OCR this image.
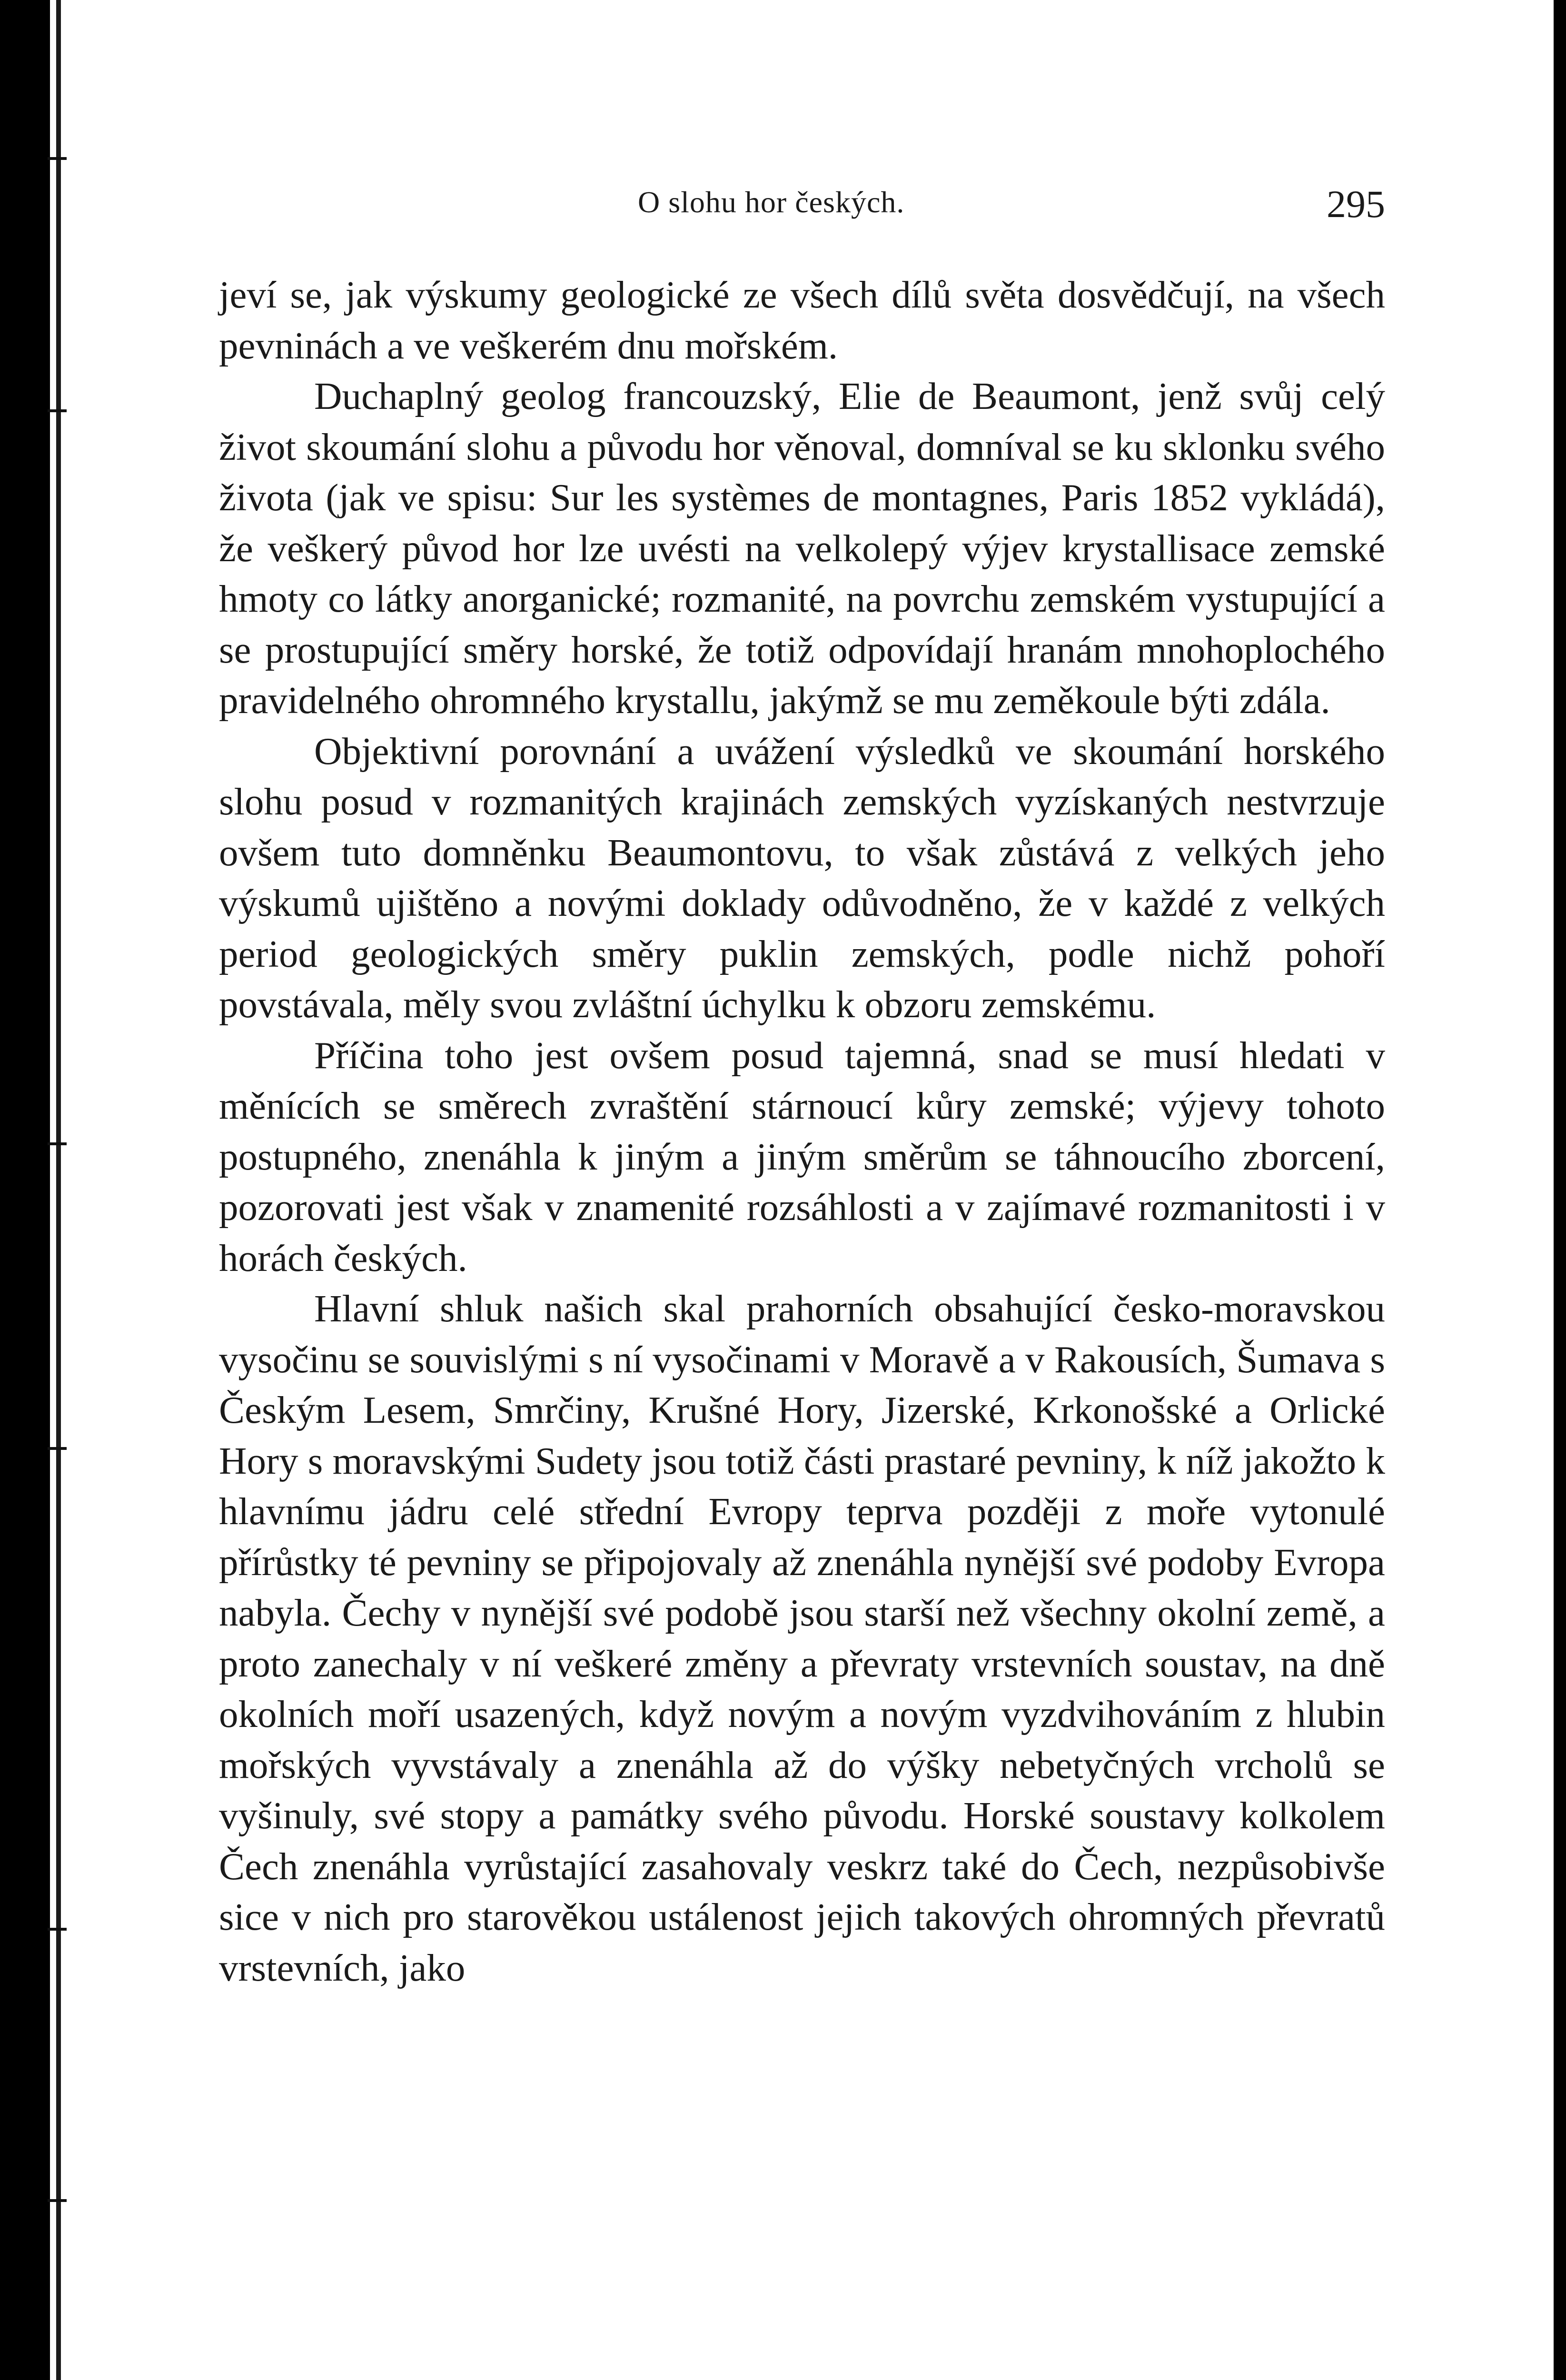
O slohu hor českých.	295

jeví se, jak výskumy geologické ze všech dílů světa dosvědčují, na všech pevninách a ve veškerém dnu mořském.

Duchaplný geolog francouzský, Elie de Beaumont, jenž svůj celý život skoumání slohu a původu hor věnoval, domníval se ku sklonku svého života (jak ve spisu: Sur les systèmes de montagnes, Paris 1852 vykládá), že veškerý původ hor lze uvésti na velkolepý výjev krystallisace zemské hmoty co látky anorganické; rozmanité, na povrchu zemském vystupující a se prostupující směry horské, že totiž odpovídají hranám mnohoplochého pravidelného ohromného krystallu, jakýmž se mu zeměkoule býti zdála.

Objektivní porovnání a uvážení výsledků ve skoumání horského slohu posud v rozmanitých krajinách zemských vyzískaných nestvrzuje ovšem tuto domněnku Beaumontovu, to však zůstává z velkých jeho výskumů ujištěno a novými doklady odůvodněno, že v každé z velkých period geologických směry puklin zemských, podle nichž pohoří povstávala, měly svou zvláštní úchylku k obzoru zemskému.

Příčina toho jest ovšem posud tajemná, snad se musí hledati v měnících se směrech zvraštění stárnoucí kůry zemské; výjevy tohoto postupného, znenáhla k jiným a jiným směrům se táhnoucího zborcení, pozorovati jest však v znamenité rozsáhlosti a v zajímavé rozmanitosti i v horách českých.

Hlavní shluk našich skal prahorních obsahující česko-moravskou vysočinu se souvislými s ní vysočinami v Moravě a v Rakousích, Šumava s Českým Lesem, Smrčiny, Krušné Hory, Jizerské, Krkonošské a Orlické Hory s moravskými Sudety jsou totiž části prastaré pevniny, k níž jakožto k hlavnímu jádru celé střední Evropy teprva později z moře vytonulé přírůstky té pevniny se připojovaly až znenáhla nynější své podoby Evropa nabyla. Čechy v nynější své podobě jsou starší než všechny okolní země, a proto zanechaly v ní veškeré změny a převraty vrstevních soustav, na dně okolních moří usazených, když novým a novým vyzdvihováním z hlubin mořských vyvstávaly a znenáhla až do výšky nebetyčných vrcholů se vyšinuly, své stopy a památky svého původu. Horské soustavy kolkolem Čech znenáhla vyrůstající zasahovaly veskrz také do Čech, nezpůsobivše sice v nich pro starověkou ustálenost jejich takových ohromných převratů vrstevních, jako
